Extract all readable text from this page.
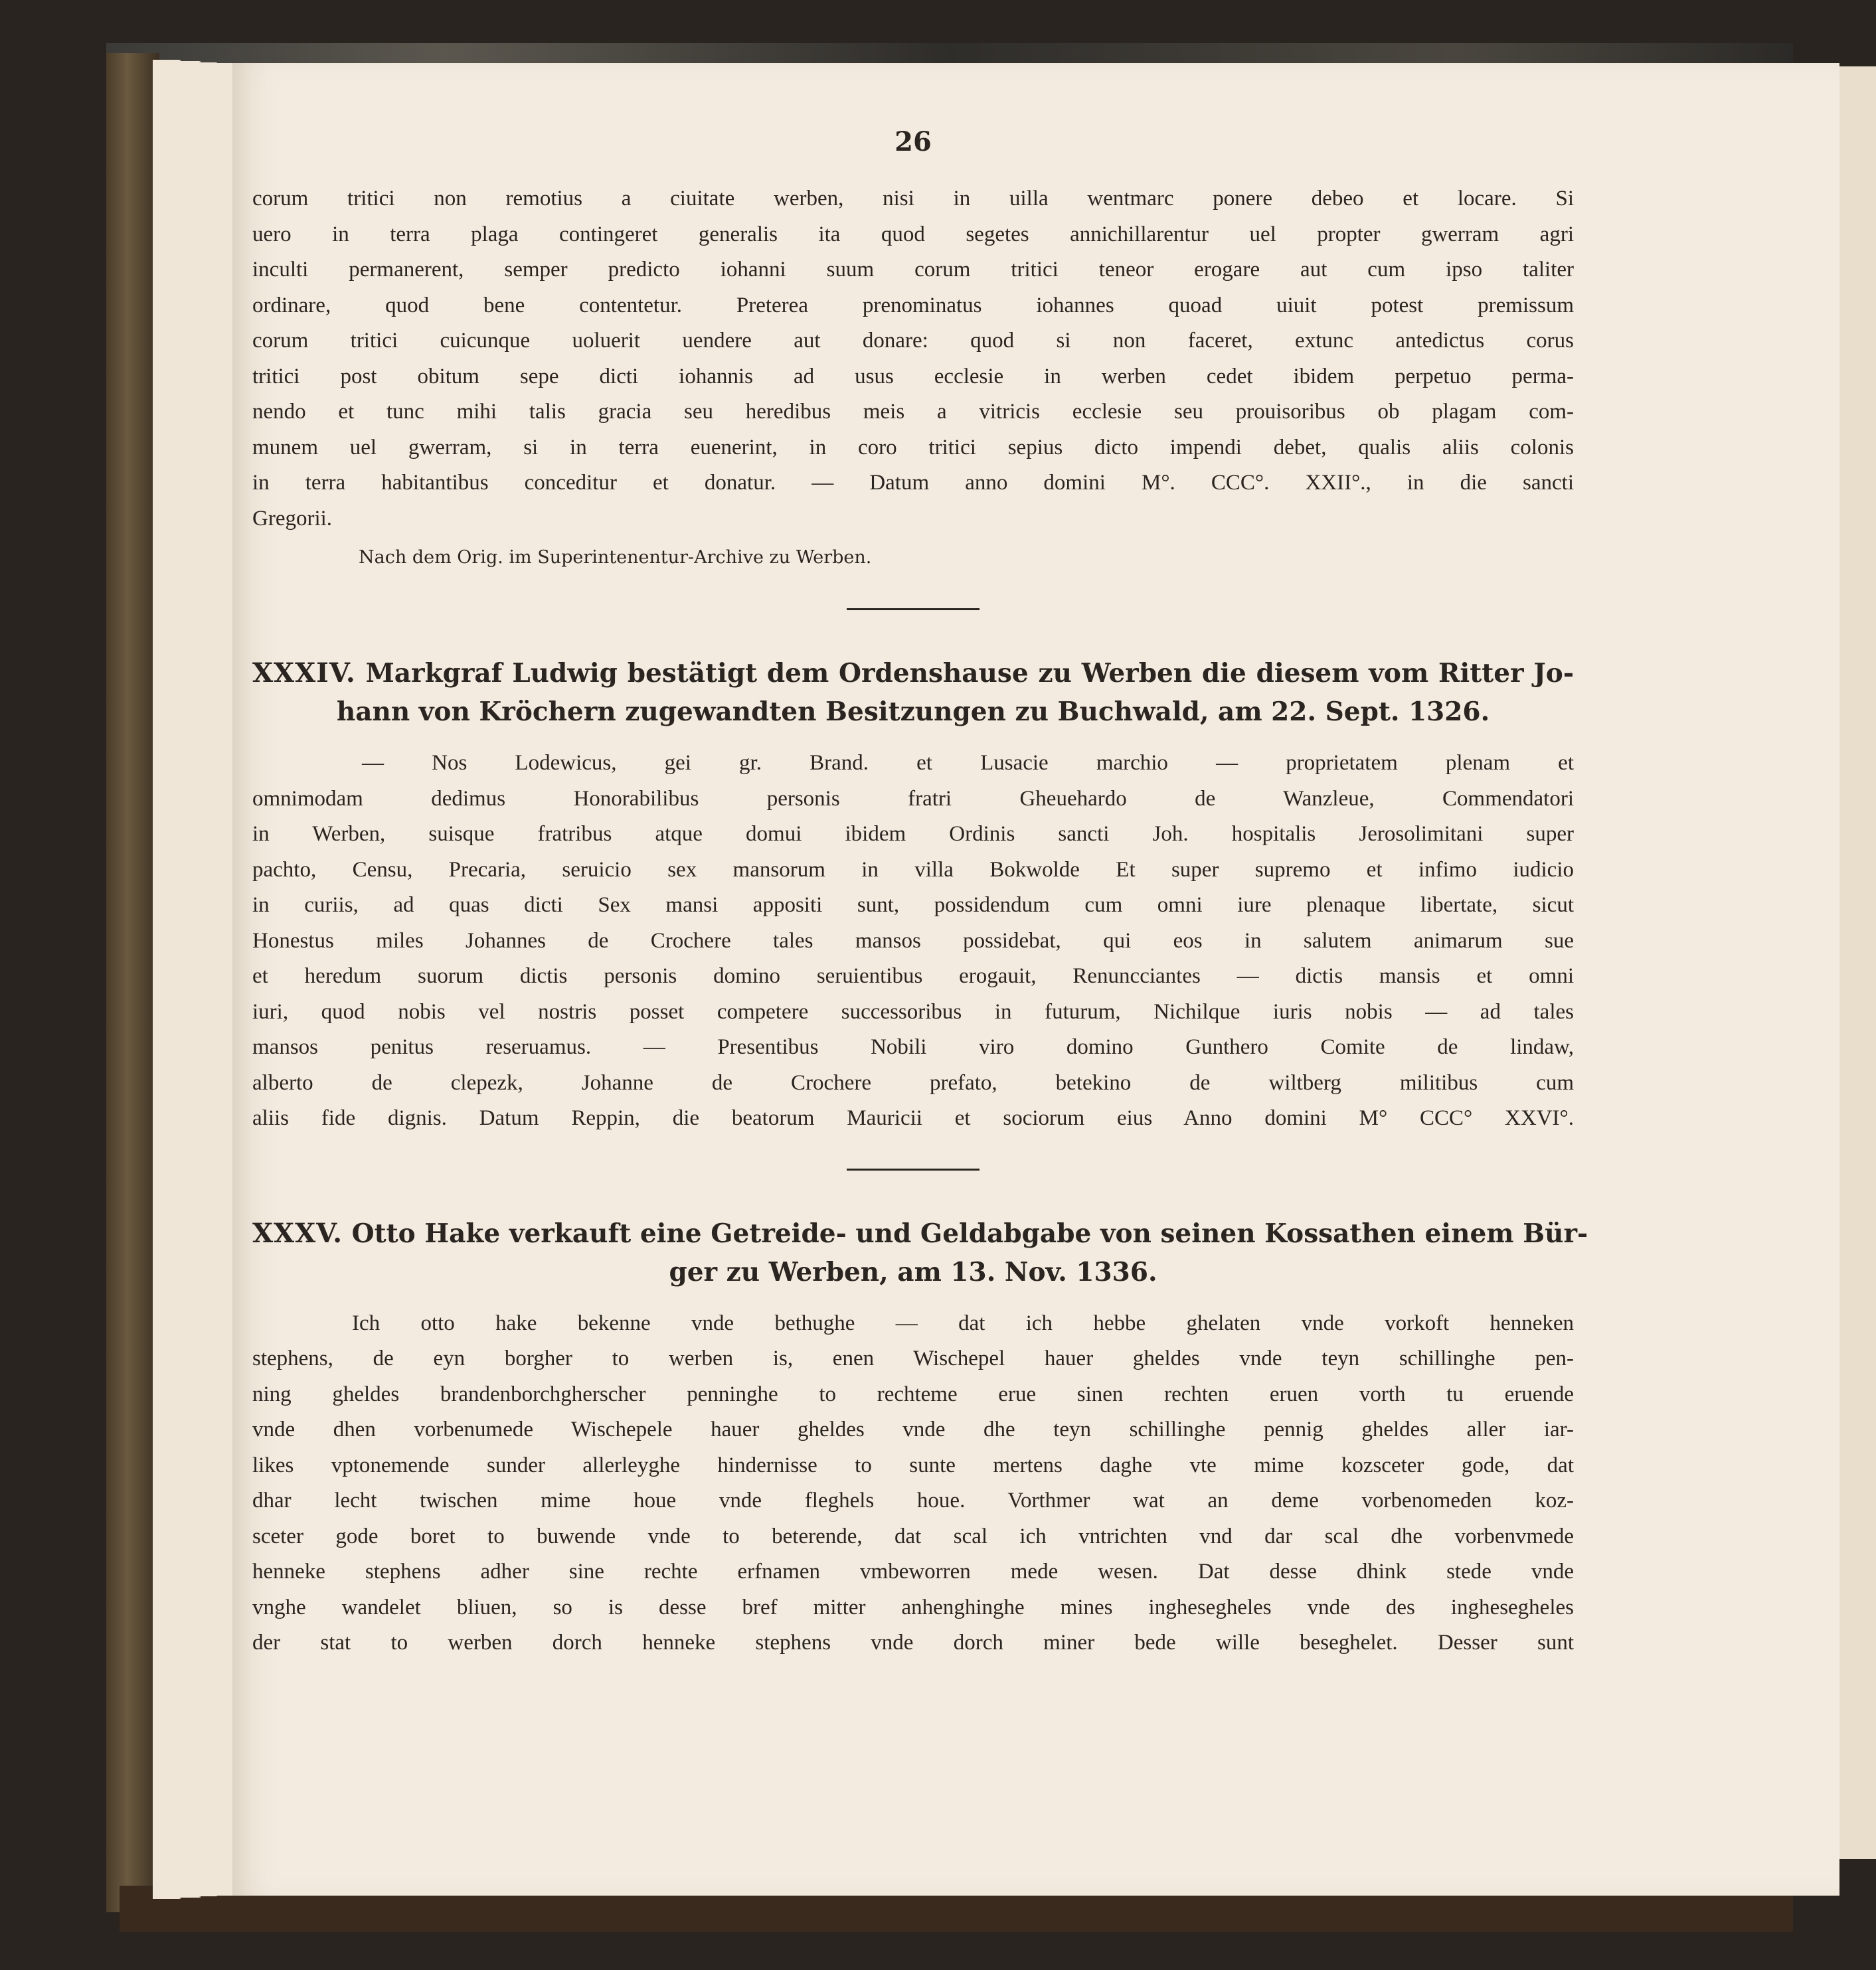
26
corum tritici non remotius a ciuitate werben, nisi in uilla wentmarc ponere debeo et locare. Si
uero in terra plaga contingeret generalis ita quod segetes annichillarentur uel propter gwerram agri
inculti permanerent, semper predicto iohanni suum corum tritici teneor erogare aut cum ipso taliter
ordinare, quod bene contentetur. Preterea prenominatus iohannes quoad uiuit potest premissum
corum tritici cuicunque uoluerit uendere aut donare: quod si non faceret, extunc antedictus corus
tritici post obitum sepe dicti iohannis ad usus ecclesie in werben cedet ibidem perpetuo perma-
nendo et tunc mihi talis gracia seu heredibus meis a vitricis ecclesie seu prouisoribus ob plagam com-
munem uel gwerram, si in terra euenerint, in coro tritici sepius dicto impendi debet, qualis aliis colonis
in terra habitantibus conceditur et donatur. — Datum anno domini M°. CCC°. XXII°., in die sancti
Gregorii.
Nach dem Orig. im Superintenentur-Archive zu Werben.
XXXIV. Markgraf Ludwig bestätigt dem Ordenshause zu Werben die diesem vom Ritter Jo-
hann von Kröchern zugewandten Besitzungen zu Buchwald, am 22. Sept. 1326.
— Nos Lodewicus, gei gr. Brand. et Lusacie marchio — proprietatem plenam et
omnimodam dedimus Honorabilibus personis fratri Gheuehardo de Wanzleue, Commendatori
in Werben, suisque fratribus atque domui ibidem Ordinis sancti Joh. hospitalis Jerosolimitani super
pachto, Censu, Precaria, seruicio sex mansorum in villa Bokwolde Et super supremo et infimo iudicio
in curiis, ad quas dicti Sex mansi appositi sunt, possidendum cum omni iure plenaque libertate, sicut
Honestus miles Johannes de Crochere tales mansos possidebat, qui eos in salutem animarum sue
et heredum suorum dictis personis domino seruientibus erogauit, Renuncciantes — dictis mansis et omni
iuri, quod nobis vel nostris posset competere successoribus in futurum, Nichilque iuris nobis — ad tales
mansos penitus reseruamus. — Presentibus Nobili viro domino Gunthero Comite de lindaw,
alberto de clepezk, Johanne de Crochere prefato, betekino de wiltberg militibus cum
aliis fide dignis. Datum Reppin, die beatorum Mauricii et sociorum eius Anno domini M° CCC° XXVI°.
XXXV. Otto Hake verkauft eine Getreide- und Geldabgabe von seinen Kossathen einem Bür-
ger zu Werben, am 13. Nov. 1336.
Ich otto hake bekenne vnde bethughe — dat ich hebbe ghelaten vnde vorkoft henneken
stephens, de eyn borgher to werben is, enen Wischepel hauer gheldes vnde teyn schillinghe pen-
ning gheldes brandenborchgherscher penninghe to rechteme erue sinen rechten eruen vorth tu eruende
vnde dhen vorbenumede Wischepele hauer gheldes vnde dhe teyn schillinghe pennig gheldes aller iar-
likes vptonemende sunder allerleyghe hindernisse to sunte mertens daghe vte mime kozsceter gode, dat
dhar lecht twischen mime houe vnde fleghels houe. Vorthmer wat an deme vorbenomeden koz-
sceter gode boret to buwende vnde to beterende, dat scal ich vntrichten vnd dar scal dhe vorbenvmede
henneke stephens adher sine rechte erfnamen vmbeworren mede wesen. Dat desse dhink stede vnde
vnghe wandelet bliuen, so is desse bref mitter anhenghinghe mines inghesegheles vnde des inghesegheles
der stat to werben dorch henneke stephens vnde dorch miner bede wille beseghelet. Desser sunt
